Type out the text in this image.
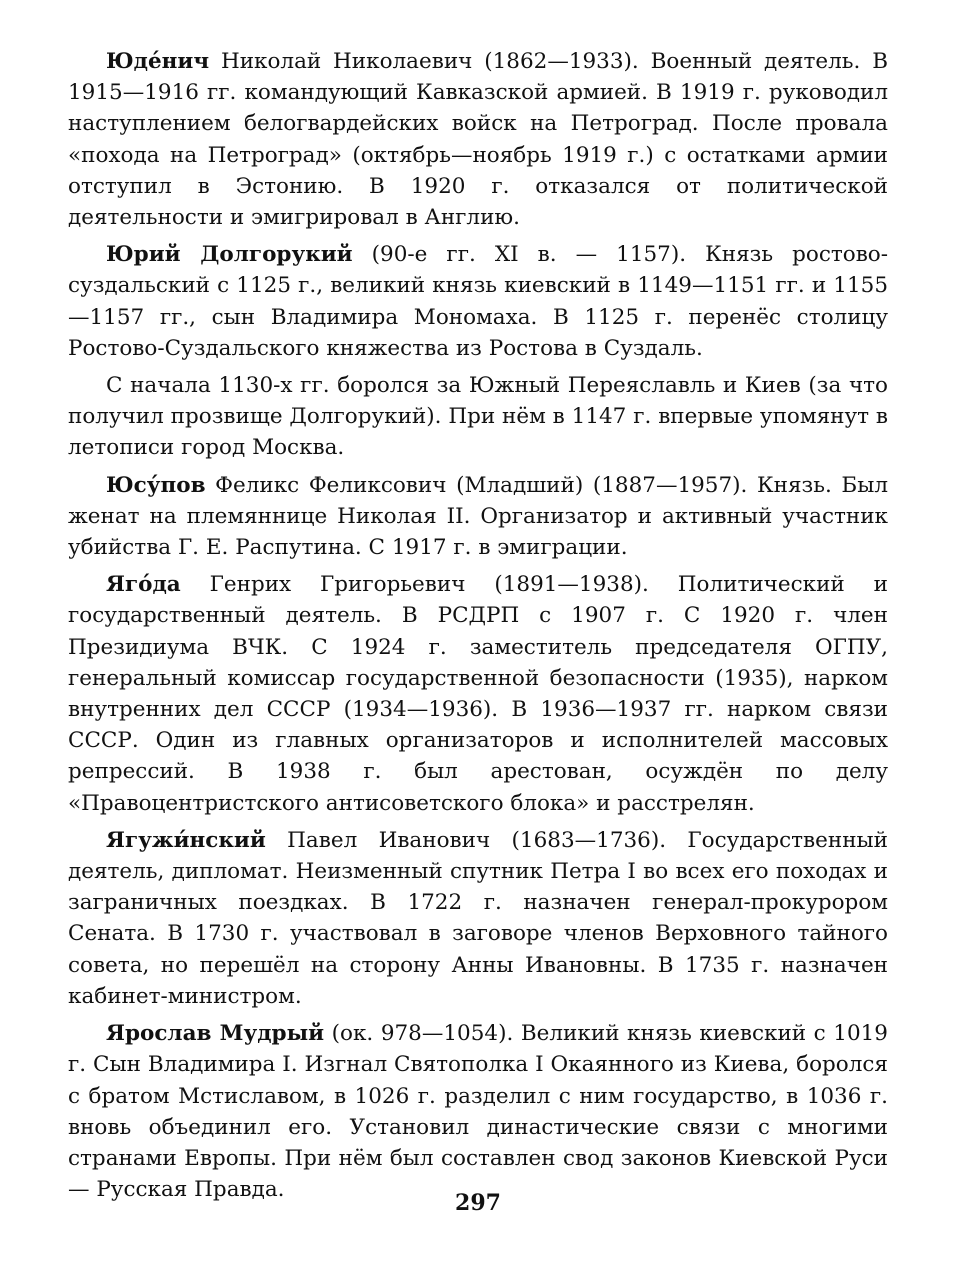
Юде́нич Николай Николаевич (1862—1933). Военный деятель. В 1915—1916 гг. командующий Кавказской армией. В 1919 г. руководил наступлением белогвардейских войск на Петроград. После провала «похода на Петроград» (октябрь—ноябрь 1919 г.) с остатками армии отступил в Эстонию. В 1920 г. отказался от политической деятельности и эмигрировал в Англию.

Юрий Долгорукий (90-е гг. XI в. — 1157). Князь ростово-суздальский с 1125 г., великий князь киевский в 1149—1151 гг. и 1155—1157 гг., сын Владимира Мономаха. В 1125 г. перенёс столицу Ростово-Суздальского княжества из Ростова в Суздаль.

С начала 1130-х гг. боролся за Южный Переяславль и Киев (за что получил прозвище Долгорукий). При нём в 1147 г. впервые упомянут в летописи город Москва.

Юсу́пов Феликс Феликсович (Младший) (1887—1957). Князь. Был женат на племяннице Николая II. Организатор и активный участник убийства Г. Е. Распутина. С 1917 г. в эмиграции.

Яго́да Генрих Григорьевич (1891—1938). Политический и государственный деятель. В РСДРП с 1907 г. С 1920 г. член Президиума ВЧК. С 1924 г. заместитель председателя ОГПУ, генеральный комиссар государственной безопасности (1935), нарком внутренних дел СССР (1934—1936). В 1936—1937 гг. нарком связи СССР. Один из главных организаторов и исполнителей массовых репрессий. В 1938 г. был арестован, осуждён по делу «Правоцентристского антисоветского блока» и расстрелян.

Ягужи́нский Павел Иванович (1683—1736). Государственный деятель, дипломат. Неизменный спутник Петра I во всех его походах и заграничных поездках. В 1722 г. назначен генерал-прокурором Сената. В 1730 г. участвовал в заговоре членов Верховного тайного совета, но перешёл на сторону Анны Ивановны. В 1735 г. назначен кабинет-министром.

Ярослав Мудрый (ок. 978—1054). Великий князь киевский с 1019 г. Сын Владимира I. Изгнал Святополка I Окаянного из Киева, боролся с братом Мстиславом, в 1026 г. разделил с ним государство, в 1036 г. вновь объединил его. Установил династические связи с многими странами Европы. При нём был составлен свод законов Киевской Руси — Русская Правда.

297
